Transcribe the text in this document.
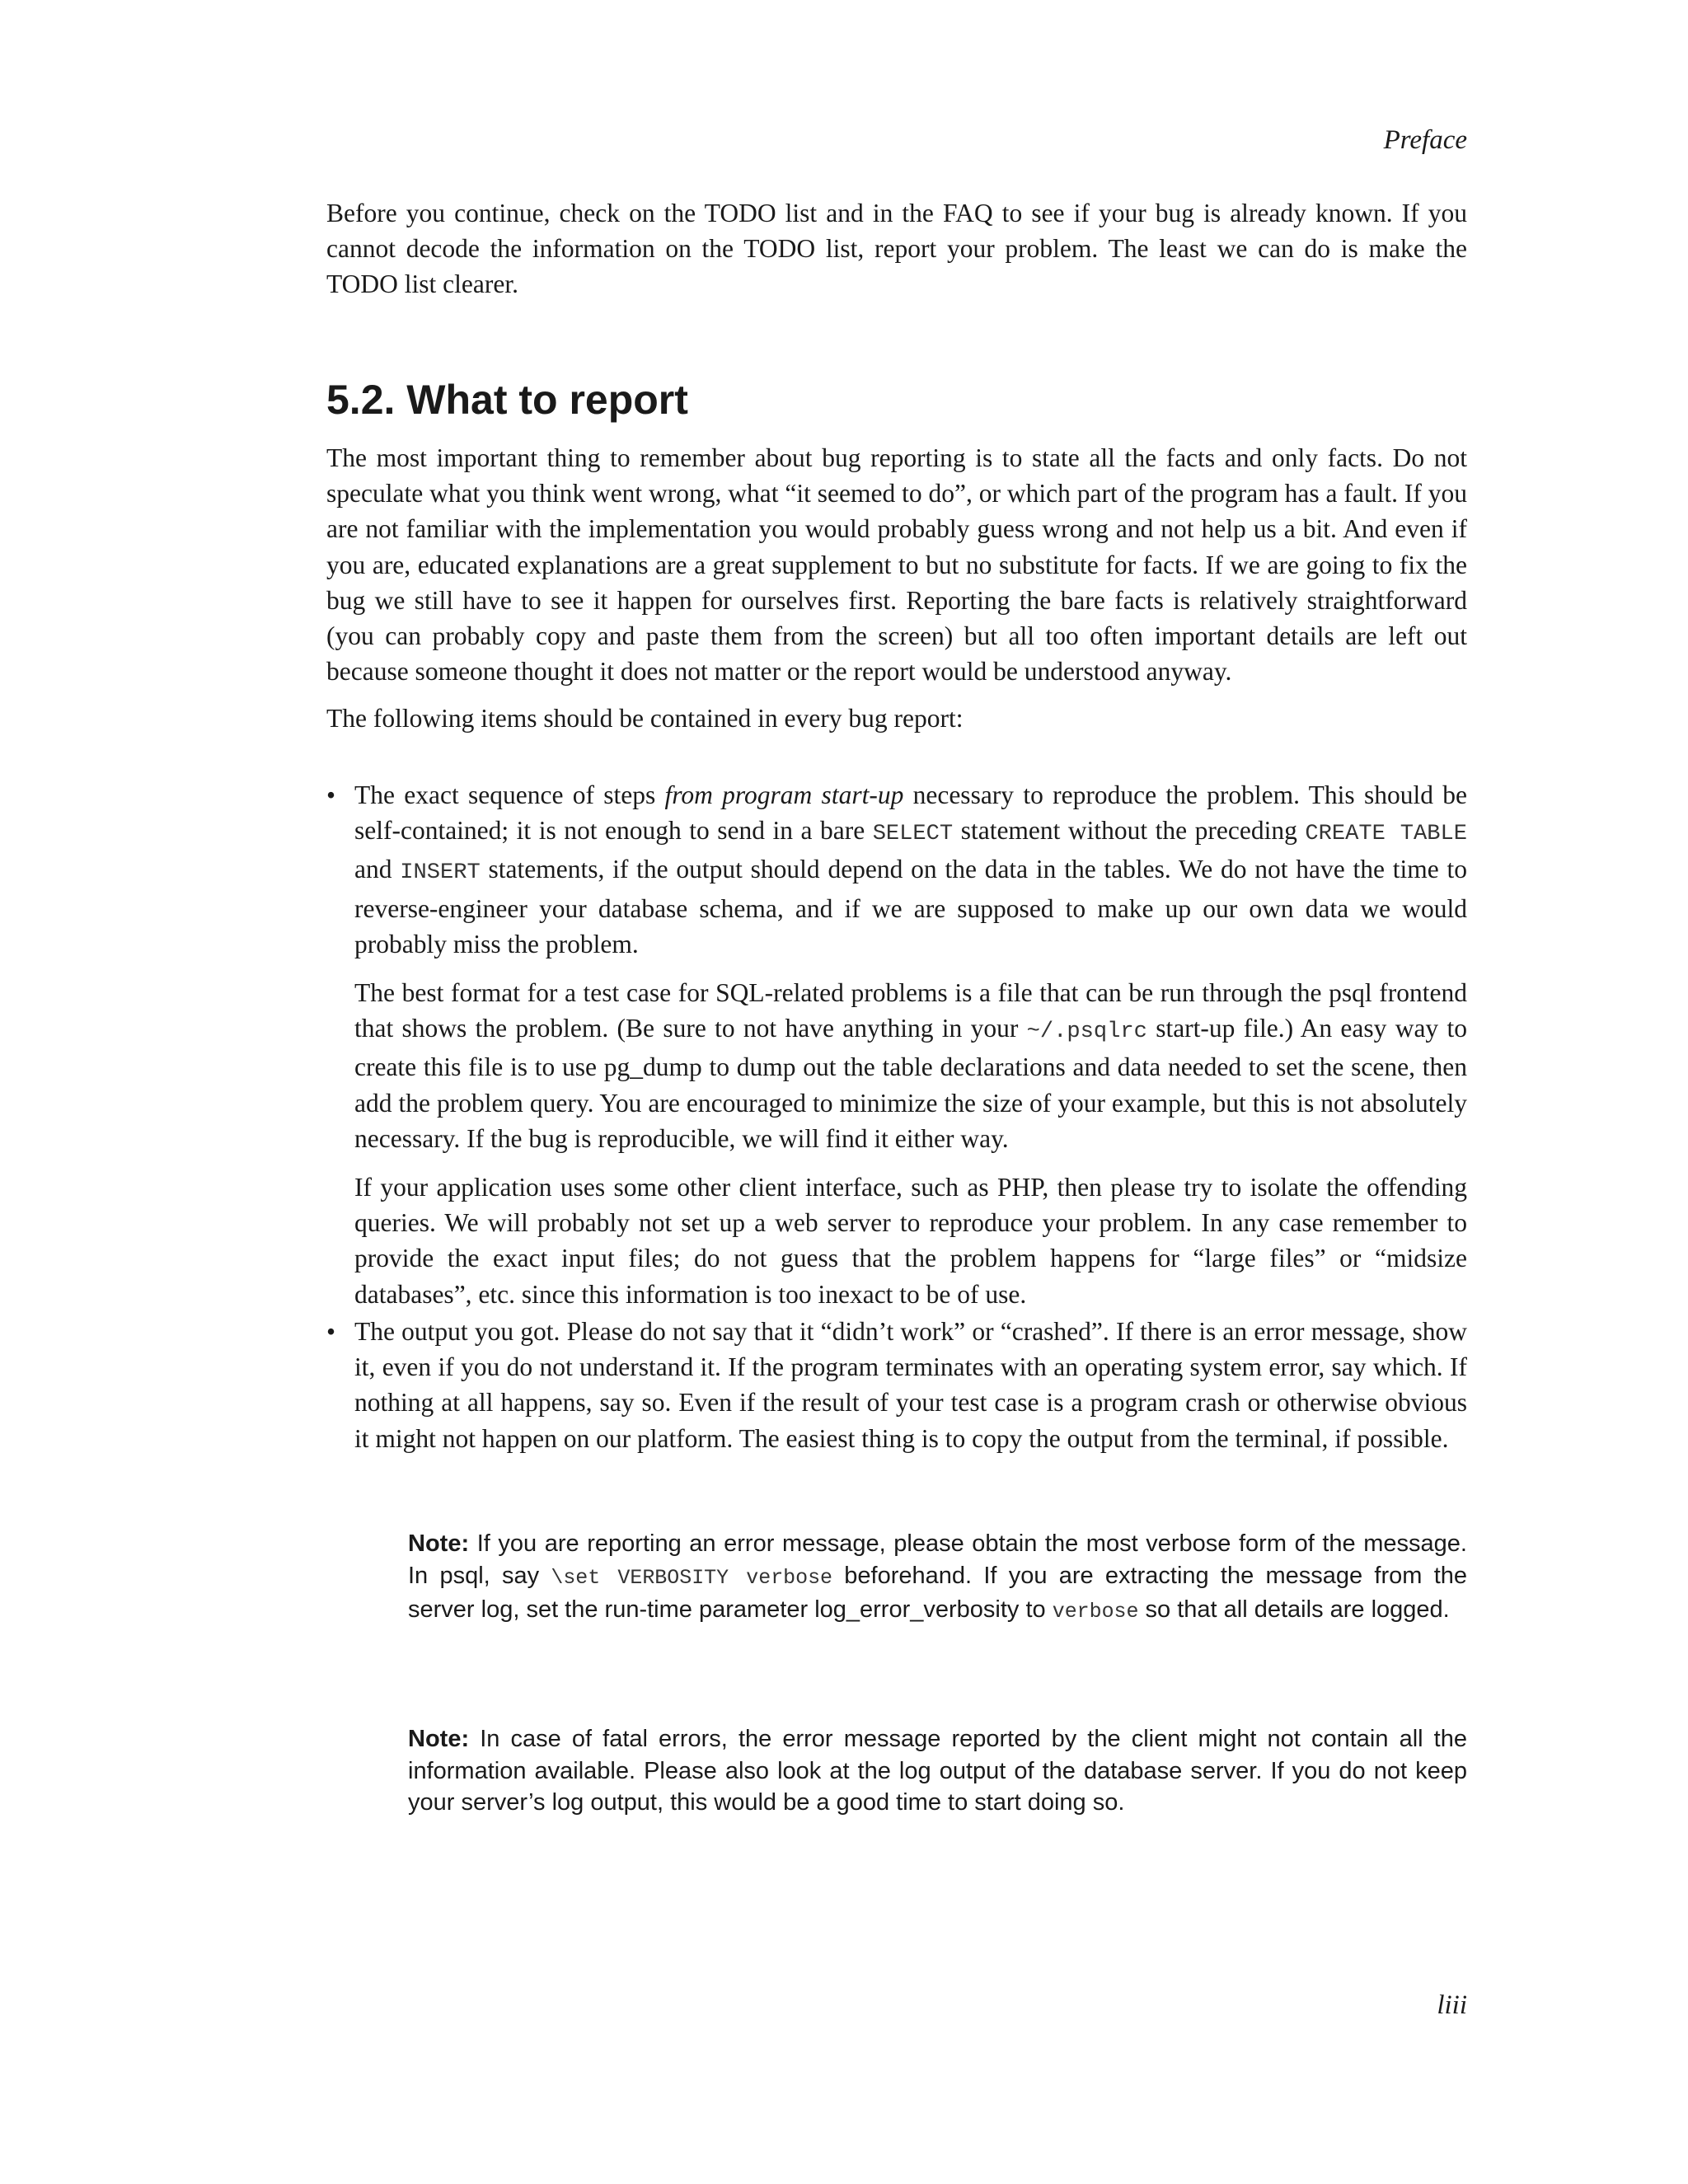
Preface

Before you continue, check on the TODO list and in the FAQ to see if your bug is already known. If you cannot decode the information on the TODO list, report your problem. The least we can do is make the TODO list clearer.

5.2. What to report

The most important thing to remember about bug reporting is to state all the facts and only facts. Do not speculate what you think went wrong, what “it seemed to do”, or which part of the program has a fault. If you are not familiar with the implementation you would probably guess wrong and not help us a bit. And even if you are, educated explanations are a great supplement to but no substitute for facts. If we are going to fix the bug we still have to see it happen for ourselves first. Reporting the bare facts is relatively straightforward (you can probably copy and paste them from the screen) but all too often important details are left out because someone thought it does not matter or the report would be understood anyway.

The following items should be contained in every bug report:

• The exact sequence of steps from program start-up necessary to reproduce the problem. This should be self-contained; it is not enough to send in a bare SELECT statement without the preceding CREATE TABLE and INSERT statements, if the output should depend on the data in the tables. We do not have the time to reverse-engineer your database schema, and if we are supposed to make up our own data we would probably miss the problem.

The best format for a test case for SQL-related problems is a file that can be run through the psql frontend that shows the problem. (Be sure to not have anything in your ~/.psqlrc start-up file.) An easy way to create this file is to use pg_dump to dump out the table declarations and data needed to set the scene, then add the problem query. You are encouraged to minimize the size of your example, but this is not absolutely necessary. If the bug is reproducible, we will find it either way.

If your application uses some other client interface, such as PHP, then please try to isolate the offending queries. We will probably not set up a web server to reproduce your problem. In any case remember to provide the exact input files; do not guess that the problem happens for “large files” or “midsize databases”, etc. since this information is too inexact to be of use.

• The output you got. Please do not say that it “didn’t work” or “crashed”. If there is an error message, show it, even if you do not understand it. If the program terminates with an operating system error, say which. If nothing at all happens, say so. Even if the result of your test case is a program crash or otherwise obvious it might not happen on our platform. The easiest thing is to copy the output from the terminal, if possible.

Note: If you are reporting an error message, please obtain the most verbose form of the message. In psql, say \set VERBOSITY verbose beforehand. If you are extracting the message from the server log, set the run-time parameter log_error_verbosity to verbose so that all details are logged.
Note: In case of fatal errors, the error message reported by the client might not contain all the information available. Please also look at the log output of the database server. If you do not keep your server’s log output, this would be a good time to start doing so.
liii
